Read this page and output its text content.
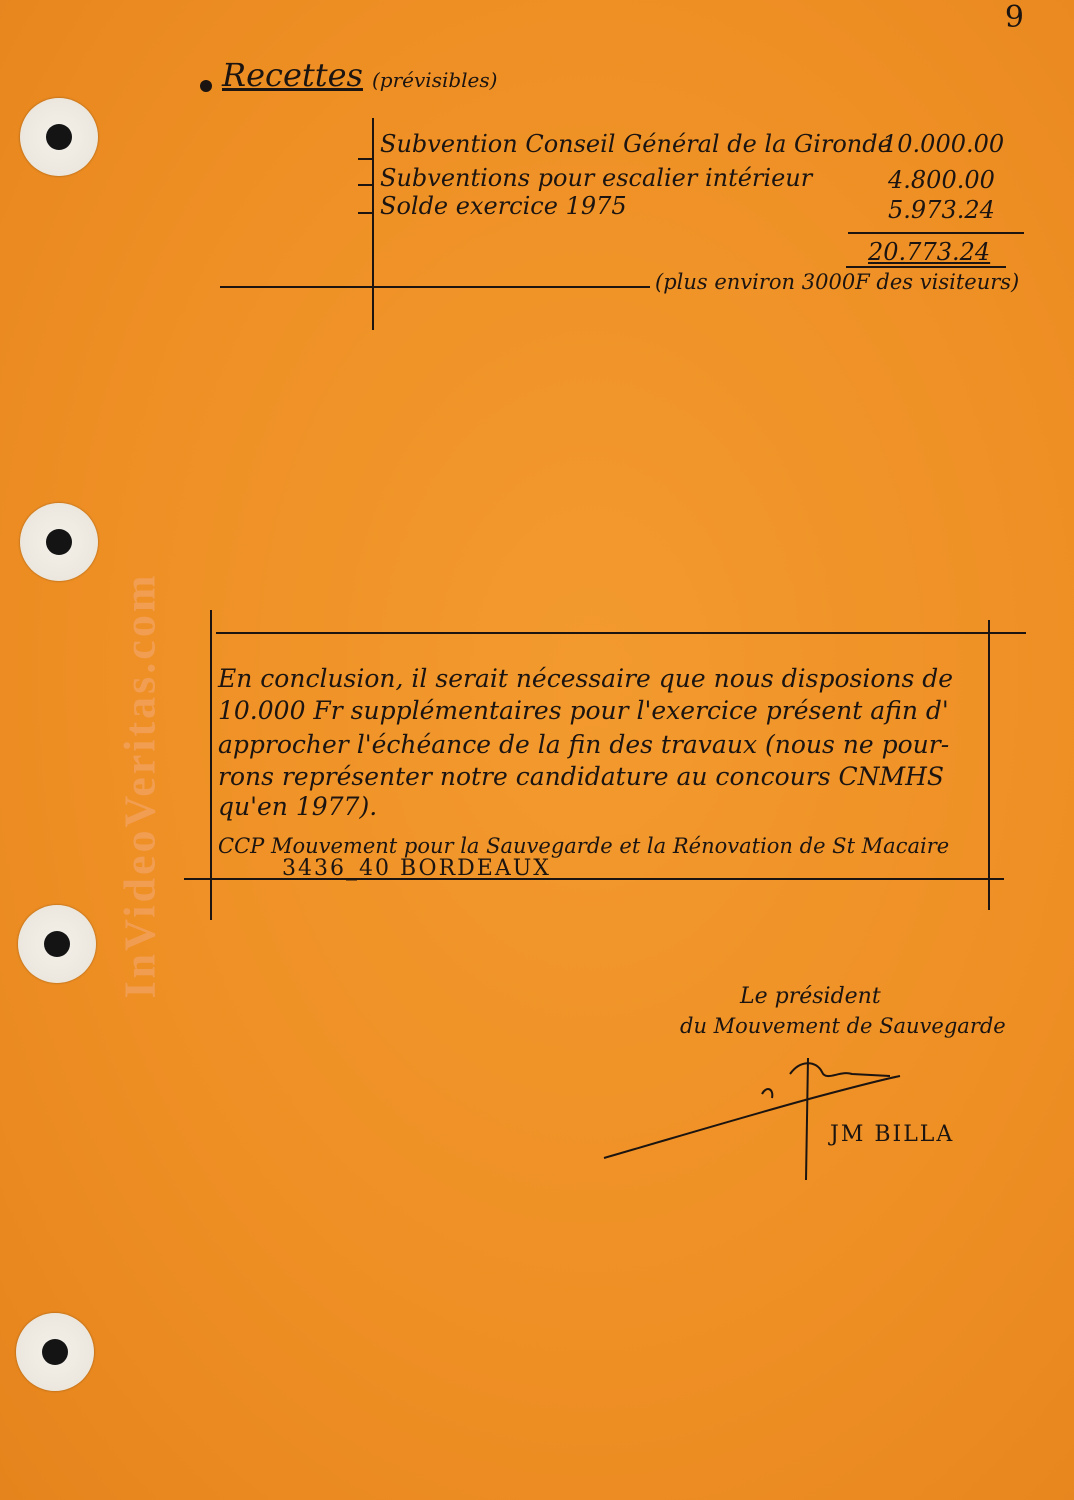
InVideoVeritas.com
9
Recettes (prévisibles)
Subvention Conseil Général de la Gironde
10.000.00
Subventions pour escalier intérieur	4.800.00
Solde exercice 1975	5.973.24
20.773.24
(plus environ 3000F des visiteurs)
En conclusion, il serait nécessaire que nous disposions de
10.000 Fr supplémentaires pour l'exercice présent afin d'
approcher l'échéance de la fin des travaux (nous ne pour-
rons représenter notre candidature au concours CNMHS
qu'en 1977).
CCP Mouvement pour la Sauvegarde et la Rénovation de St Macaire
3436_40 BORDEAUX
Le président
du Mouvement de Sauvegarde
JM BILLA
